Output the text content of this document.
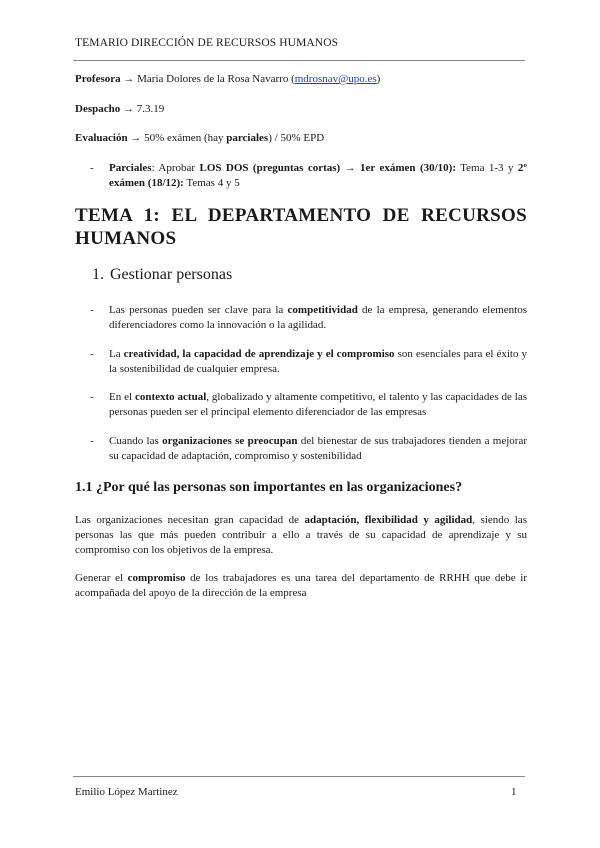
TEMARIO DIRECCIÓN DE RECURSOS HUMANOS
Profesora → Maria Dolores de la Rosa Navarro (mdrosnav@upo.es)
Despacho → 7.3.19
Evaluación → 50% exámen (hay parciales) / 50% EPD
- Parciales: Aprobar LOS DOS (preguntas cortas) → 1er exámen (30/10): Tema 1-3 y 2º exámen (18/12): Temas 4 y 5
TEMA 1: EL DEPARTAMENTO DE RECURSOS HUMANOS
1. Gestionar personas
- Las personas pueden ser clave para la competitividad de la empresa, generando elementos diferenciadores como la innovación o la agilidad.
- La creatividad, la capacidad de aprendizaje y el compromiso son esenciales para el éxito y la sostenibilidad de cualquier empresa.
- En el contexto actual, globalizado y altamente competitivo, el talento y las capacidades de las personas pueden ser el principal elemento diferenciador de las empresas
- Cuando las organizaciones se preocupan del bienestar de sus trabajadores tienden a mejorar su capacidad de adaptación, compromiso y sostenibilidad
1.1 ¿Por qué las personas son importantes en las organizaciones?
Las organizaciones necesitan gran capacidad de adaptación, flexibilidad y agilidad, siendo las personas las que más pueden contribuir a ello a través de su capacidad de aprendizaje y su compromiso con los objetivos de la empresa.
Generar el compromiso de los trabajadores es una tarea del departamento de RRHH que debe ir acompañada del apoyo de la dirección de la empresa
Emilio López Martinez	1
